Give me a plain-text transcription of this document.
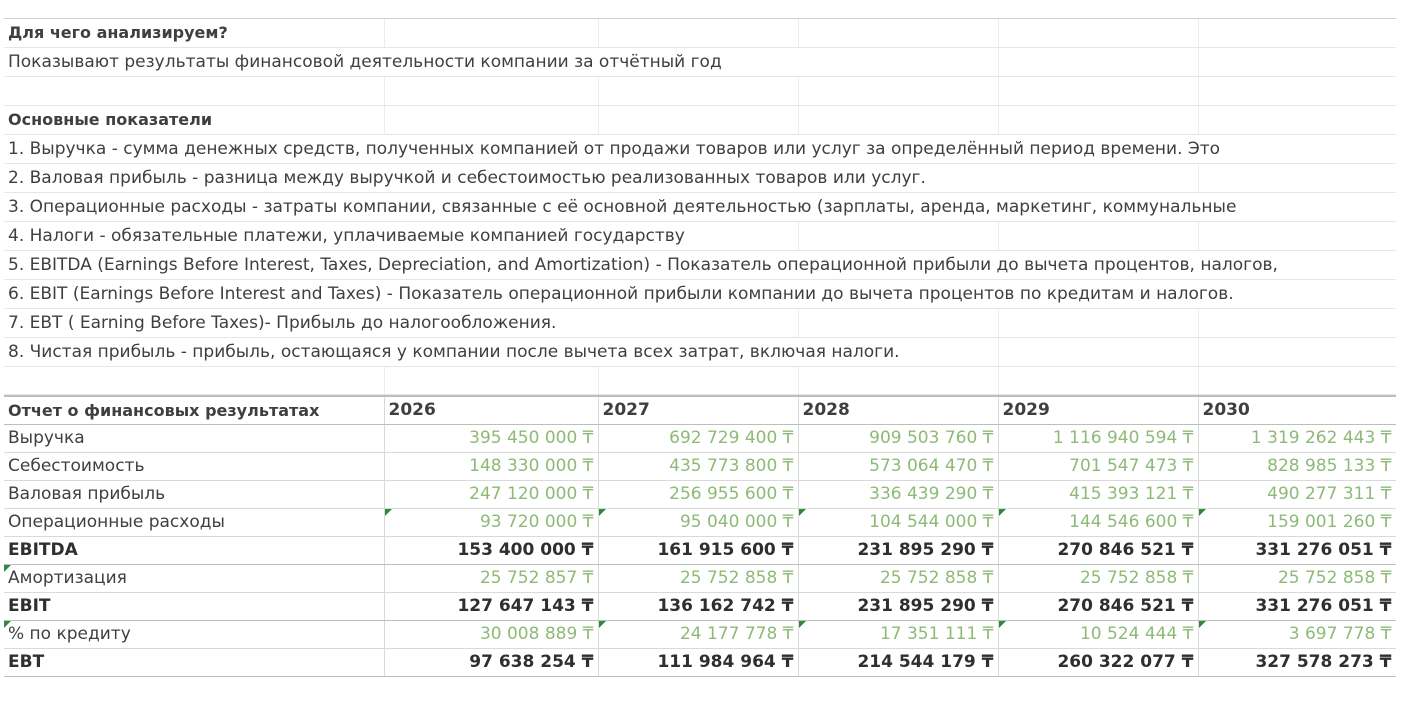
Для чего анализируем?
Показывают результаты финансовой деятельности компании за отчётный год
Основные показатели
1. Выручка - сумма денежных средств, полученных компанией от продажи товаров или услуг за определённый период времени. Это
2. Валовая прибыль - разница между выручкой и себестоимостью реализованных товаров или услуг.
3. Операционные расходы - затраты компании, связанные с её основной деятельностью (зарплаты, аренда, маркетинг, коммунальные
4. Налоги - обязательные платежи, уплачиваемые компанией государству
5. EBITDA (Earnings Before Interest, Taxes, Depreciation, and Amortization) - Показатель операционной прибыли до вычета процентов, налогов,
6. EBIT (Earnings Before Interest and Taxes) - Показатель операционной прибыли компании до вычета процентов по кредитам и налогов.
7. EBT ( Earning Before Taxes)- Прибыль до налогообложения.
8. Чистая прибыль - прибыль, остающаяся у компании после вычета всех затрат, включая налоги.
Отчет о финансовых результатах	2026	2027	2028	2029	2030
Выручка	395 450 000 ₸	692 729 400 ₸	909 503 760 ₸	1 116 940 594 ₸	1 319 262 443 ₸
Себестоимость	148 330 000 ₸	435 773 800 ₸	573 064 470 ₸	701 547 473 ₸	828 985 133 ₸
Валовая прибыль	247 120 000 ₸	256 955 600 ₸	336 439 290 ₸	415 393 121 ₸	490 277 311 ₸
Операционные расходы	93 720 000 ₸	95 040 000 ₸	104 544 000 ₸	144 546 600 ₸	159 001 260 ₸
EBITDA	153 400 000 ₸	161 915 600 ₸	231 895 290 ₸	270 846 521 ₸	331 276 051 ₸

Амортизация	25 752 857 ₸	25 752 858 ₸	25 752 858 ₸	25 752 858 ₸	25 752 858 ₸
EBIT	127 647 143 ₸	136 162 742 ₸	231 895 290 ₸	270 846 521 ₸	331 276 051 ₸

% по кредиту	30 008 889 ₸	24 177 778 ₸	17 351 111 ₸	10 524 444 ₸	3 697 778 ₸
EBT	97 638 254 ₸	111 984 964 ₸	214 544 179 ₸	260 322 077 ₸	327 578 273 ₸
